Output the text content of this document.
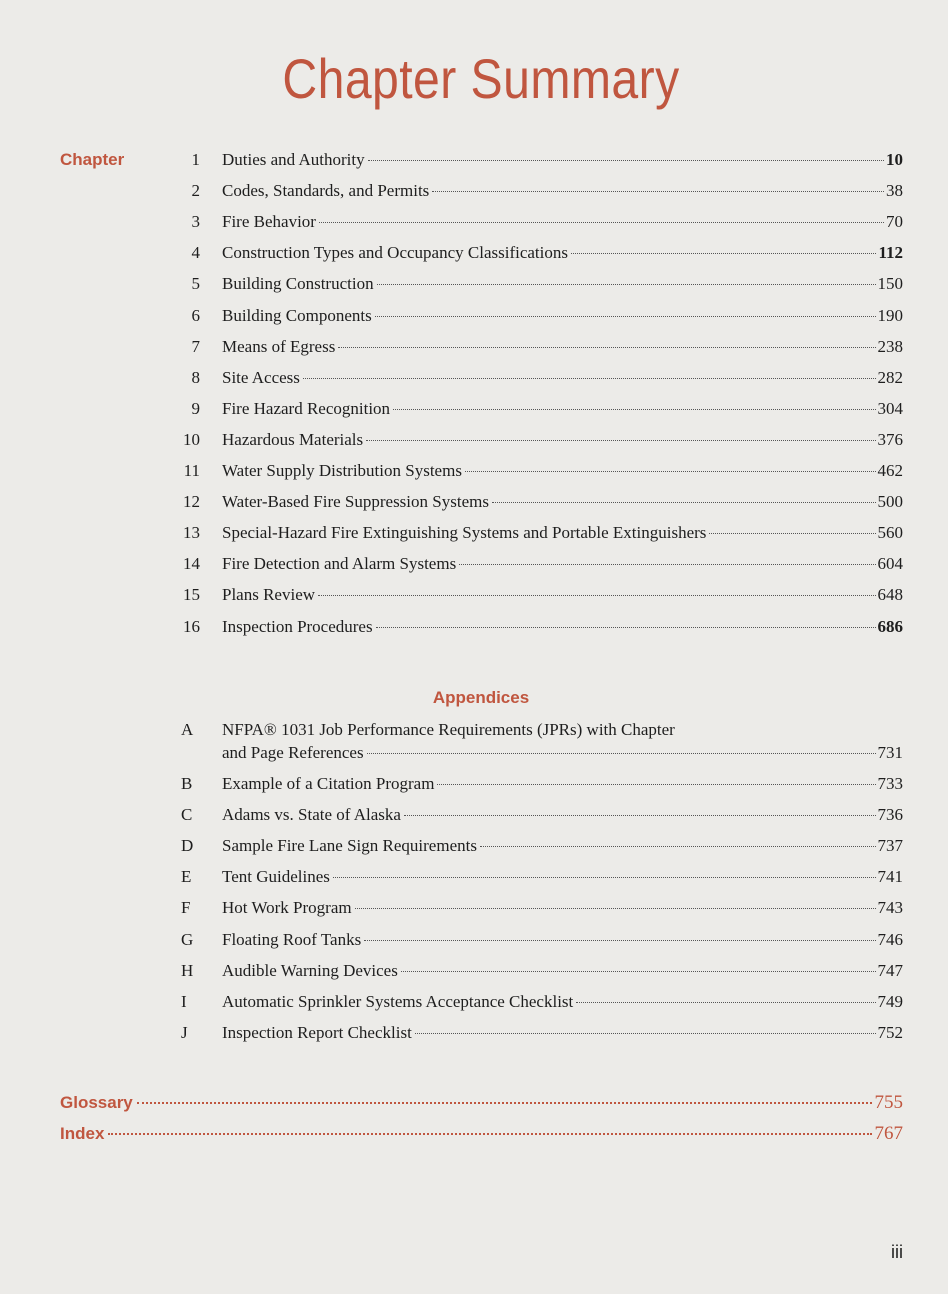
Chapter Summary
Chapter	1 Duties and Authority	10
2 Codes, Standards, and Permits	38
3 Fire Behavior	70
4 Construction Types and Occupancy Classifications	112
5 Building Construction	150
6 Building Components	190
7 Means of Egress	238
8 Site Access	282
9 Fire Hazard Recognition	304
10 Hazardous Materials	376
11 Water Supply Distribution Systems	462
12 Water-Based Fire Suppression Systems	500
13 Special-Hazard Fire Extinguishing Systems and Portable Extinguishers	560
14 Fire Detection and Alarm Systems	604
15 Plans Review	648
16 Inspection Procedures	686
Appendices
A NFPA® 1031 Job Performance Requirements (JPRs) with Chapter
and Page References	731
B Example of a Citation Program	733
C Adams vs. State of Alaska	736
D Sample Fire Lane Sign Requirements	737
E Tent Guidelines	741
F Hot Work Program	743
G Floating Roof Tanks	746
H Audible Warning Devices	747
I Automatic Sprinkler Systems Acceptance Checklist	749
J Inspection Report Checklist	752
Glossary	755
Index	767
iii
